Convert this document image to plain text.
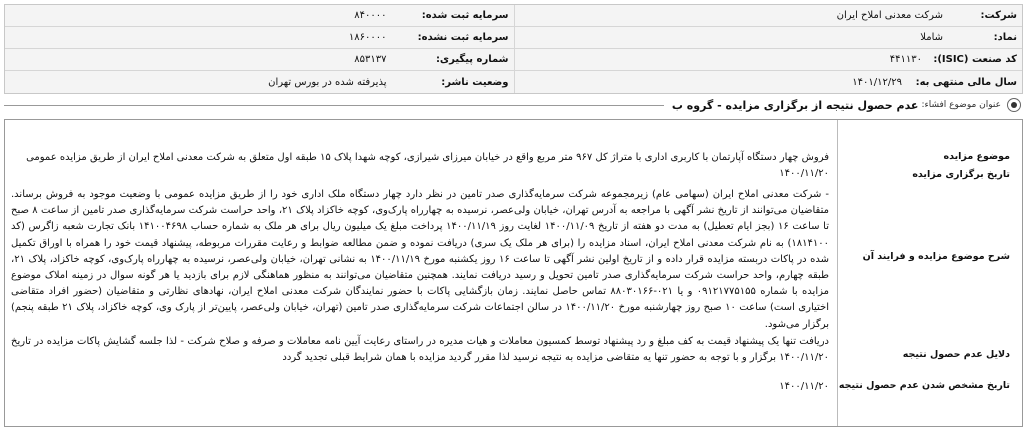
شرکت:
شرکت معدنی املاح ایران
سرمایه ثبت شده:
۸۴۰۰۰۰
نماد:
شاملا
سرمایه ثبت نشده:
۱۸۶۰۰۰۰
کد صنعت (ISIC):
۴۴۱۱۳۰
شماره پیگیری:
۸۵۳۱۳۷
سال مالی منتهی به:
۱۴۰۱/۱۲/۲۹
وضعیت ناشر:
پذیرفته شده در بورس تهران
عنوان موضوع افشاء:
عدم حصول نتیجه از برگزاری مزایده - گروه ب
موضوع مزایده
تاریخ برگزاری مزایده
شرح موضوع مزایده و فرایند آن
دلایل عدم حصول نتیجه
تاریخ مشخص شدن عدم حصول نتیجه
فروش چهار دستگاه آپارتمان با کاربری اداری با متراژ کل ۹۶۷ متر مربع واقع در خیابان میرزای شیرازی، کوچه شهدا پلاک ۱۵ طبقه اول متعلق به شرکت معدنی املاح ایران از طریق مزایده عمومی
۱۴۰۰/۱۱/۲۰
- شرکت معدنی املاح ایران (سهامی عام) زیرمجموعه شرکت سرمایه‌گذاری صدر تامین در نظر دارد چهار دستگاه ملک اداری خود را از طریق مزایده عمومی با وضعیت موجود به فروش برساند. متقاضیان می‌توانند از تاریخ نشر آگهی با مراجعه به آدرس تهران، خیابان ولی‌عصر، نرسیده به چهارراه پارک‌وی، کوچه خاکزاد پلاک ۲۱، واحد حراست شرکت سرمایه‌گذاری صدر تامین از ساعت ۸ صبح تا ساعت ۱۶ (بجز ایام تعطیل) به مدت دو هفته از تاریخ ۱۴۰۰/۱۱/۰۹ لغایت روز ۱۴۰۰/۱۱/۱۹ پرداخت مبلغ یک میلیون ریال برای هر ملک به شماره حساب ۱۴۱۰۰۴۶۹۸ بانک تجارت شعبه زاگرس (کد ۱۸۱۴۱۰۰) به نام شرکت معدنی املاح ایران، اسناد مزایده را (برای هر ملک یک سری) دریافت نموده و ضمن مطالعه ضوابط و رعایت مقررات مربوطه، پیشنهاد قیمت خود را همراه با اوراق تکمیل شده در پاکات دربسته مزایده قرار داده و از تاریخ اولین نشر آگهی تا ساعت ۱۶ روز یکشنبه مورخ ۱۴۰۰/۱۱/۱۹ به نشانی تهران، خیابان ولی‌عصر، نرسیده به چهارراه پارک‌وی، کوچه خاکزاد، پلاک ۲۱، طبقه چهارم، واحد حراست شرکت سرمایه‌گذاری صدر تامین تحویل و رسید دریافت نمایند. همچنین متقاضیان می‌توانند به منظور هماهنگی لازم برای بازدید یا هر گونه سوال در زمینه املاک موضوع مزایده با شماره ۰۹۱۲۱۷۷۵۱۵۵ و یا ۰۲۱-۸۸۰۳۰۱۶۶ تماس حاصل نمایند. زمان بازگشایی پاکات با حضور نمایندگان شرکت معدنی املاح ایران، نهادهای نظارتی و متقاضیان (حضور افراد متقاضی اختیاری است) ساعت ۱۰ صبح روز چهارشنبه مورخ ۱۴۰۰/۱۱/۲۰ در سالن اجتماعات شرکت سرمایه‌گذاری صدر تامین (تهران، خیابان ولی‌عصر، پایین‌تر از پارک وی، کوچه خاکزاد، پلاک ۲۱ طبقه پنجم) برگزار می‌شود.
دریافت تنها یک پیشنهاد قیمت به کف مبلغ و رد پیشنهاد توسط کمسیون معاملات و هیات مدیره در راستای رعایت آیین نامه معاملات و صرفه و صلاح شرکت - لذا جلسه گشایش پاکات مزایده در تاریخ ۱۴۰۰/۱۱/۲۰ برگزار و با توجه به حضور تنها یه متقاضی مزایده به نتیجه نرسید لذا مقرر گردید مزایده با همان شرایط قبلی تجدید گردد
۱۴۰۰/۱۱/۲۰
